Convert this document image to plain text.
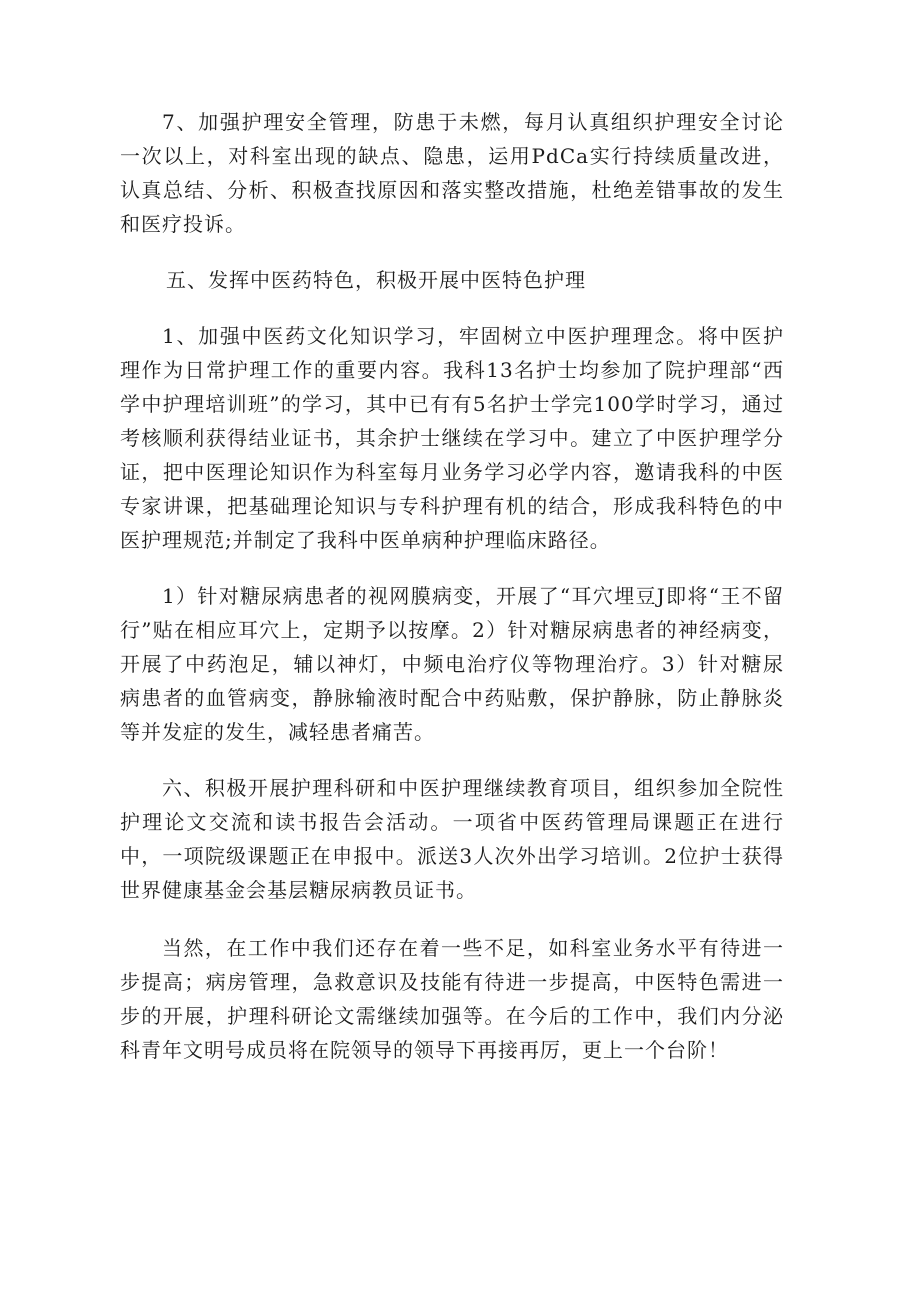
7、加强护理安全管理，防患于未燃，每月认真组织护理安全讨论一次以上，对科室出现的缺点、隐患，运用PdCa实行持续质量改进，认真总结、分析、积极查找原因和落实整改措施，杜绝差错事故的发生和医疗投诉。

五、发挥中医药特色，积极开展中医特色护理

1、加强中医药文化知识学习，牢固树立中医护理理念。将中医护理作为日常护理工作的重要内容。我科13名护士均参加了院护理部“西学中护理培训班”的学习，其中已有有5名护士学完100学时学习，通过考核顺利获得结业证书，其余护士继续在学习中。建立了中医护理学分证，把中医理论知识作为科室每月业务学习必学内容，邀请我科的中医专家讲课，把基础理论知识与专科护理有机的结合，形成我科特色的中医护理规范;并制定了我科中医单病种护理临床路径。

1）针对糖尿病患者的视网膜病变，开展了“耳穴埋豆J即将“王不留行”贴在相应耳穴上，定期予以按摩。2）针对糖尿病患者的神经病变，开展了中药泡足，辅以神灯，中频电治疗仪等物理治疗。3）针对糖尿病患者的血管病变，静脉输液时配合中药贴敷，保护静脉，防止静脉炎等并发症的发生，减轻患者痛苦。

六、积极开展护理科研和中医护理继续教育项目，组织参加全院性护理论文交流和读书报告会活动。一项省中医药管理局课题正在进行中，一项院级课题正在申报中。派送3人次外出学习培训。2位护士获得世界健康基金会基层糖尿病教员证书。

当然，在工作中我们还存在着一些不足，如科室业务水平有待进一步提高；病房管理，急救意识及技能有待进一步提高，中医特色需进一步的开展，护理科研论文需继续加强等。在今后的工作中，我们内分泌科青年文明号成员将在院领导的领导下再接再厉，更上一个台阶！
